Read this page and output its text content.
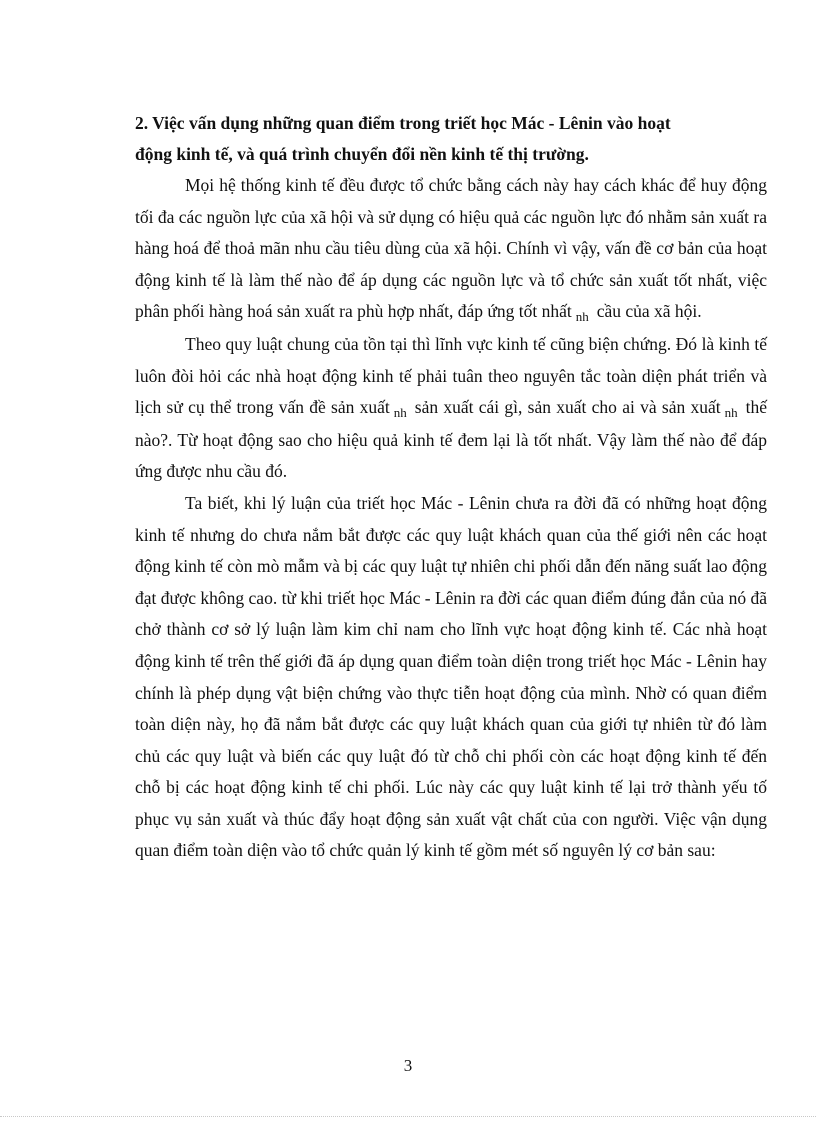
2. Việc vấn dụng những quan điểm trong triết học Mác - Lênin vào hoạt
động kinh tế, và quá trình chuyển đổi nền kinh tế thị trường.

Mọi hệ thống kinh tế đều được tổ chức bằng cách này hay cách khác để huy động tối đa các nguồn lực của xã hội và sử dụng có hiệu quả các nguồn lực đó nhằm sản xuất ra hàng hoá để thoả mãn nhu cầu tiêu dùng của xã hội. Chính vì vậy, vấn đề cơ bản của hoạt động kinh tế là làm thế nào để áp dụng các nguồn lực và tổ chức sản xuất tốt nhất, việc phân phối hàng hoá sản xuất ra phù hợp nhất, đáp ứng tốt nhất $_{nh}$ cầu của xã hội.

Theo quy luật chung của tồn tại thì lĩnh vực kinh tế cũng biện chứng. Đó là kinh tế luôn đòi hỏi các nhà hoạt động kinh tế phải tuân theo nguyên tắc toàn diện phát triển và lịch sử cụ thể trong vấn đề sản xuất $_{nh}$ sản xuất cái gì, sản xuất cho ai và sản xuất $_{nh}$ thế nào?. Từ hoạt động sao cho hiệu quả kinh tế đem lại là tốt nhất. Vậy làm thế nào để đáp ứng được nhu cầu đó.

Ta biết, khi lý luận của triết học Mác - Lênin chưa ra đời đã có những hoạt động kinh tế nhưng do chưa nắm bắt được các quy luật khách quan của thế giới nên các hoạt động kinh tế còn mò mẫm và bị các quy luật tự nhiên chi phối dẫn đến năng suất lao động đạt được không cao. từ khi triết học Mác - Lênin ra đời các quan điểm đúng đắn của nó đã chở thành cơ sở lý luận làm kim chỉ nam cho lĩnh vực hoạt động kinh tế. Các nhà hoạt động kinh tế trên thế giới đã áp dụng quan điểm toàn diện trong triết học Mác - Lênin hay chính là phép dụng vật biện chứng vào thực tiễn hoạt động của mình. Nhờ có quan điểm toàn diện này, họ đã nắm bắt được các quy luật khách quan của giới tự nhiên từ đó làm chủ các quy luật và biến các quy luật đó từ chỗ chi phối còn các hoạt động kinh tế đến chỗ bị các hoạt động kinh tế chi phối. Lúc này các quy luật kinh tế lại trở thành yếu tố phục vụ sản xuất và thúc đẩy hoạt động sản xuất vật chất của con người. Việc vận dụng quan điểm toàn diện vào tổ chức quản lý kinh tế gồm mét số nguyên lý cơ bản sau:

3
